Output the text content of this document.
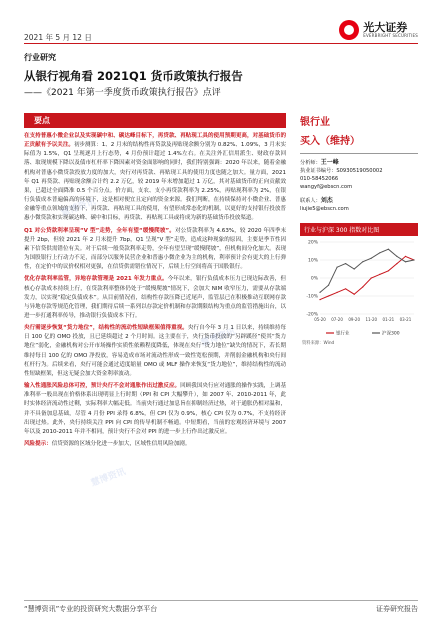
2021 年 5 月 12 日
光大证券
EVERBRIGHT SECURITIES
行业研究
从银行视角看 2021Q1 货币政策执行报告
——《2021 年第一季度货币政策执行报告》点评
要点

在支持普惠小微企业以及实现碳中和、碳达峰目标下，再贷款、再贴现工具的使用预期更高，对基础货币的正贡献有予以关注。初步测算：1、2 月末的结构性再贷款及再贴现余额分别为 0.82%、1.09%，3 月末实际值为 1.5%，Q1 呈现逐月上行态势，4 月份预计超过 1.4%左右。在关注外汇信用派生、财政存款回落、取现规模下降以及债市杠杆率下降因素对资金面影响的同时，我们特别强调：2020 年以来，随着金融机构对普惠小微贷款投放力度的加大，央行对再贷款、再贴现工具的使用力度也随之加大。量方面，2021 年 Q1 再贷款、再贴现余额合计约 2.2 万亿，较 2019 年末增加超过 1 万亿，其对基础货币的正向贡献效果，已超过全面降准 0.5 个百分点。价方面，支农、支小再贷款利率为 2.25%，再贴现利率为 2%，在银行负债成本普遍偏高的环境下，这是相对便宜且定向的资金来源。我们判断，在持续保持对小微企业、普惠金融等重点领域的支持下，再贷款、再贴现工具的使用，有望形成常态化的机制，以更好的支持银行投放普惠小微贷款和实现碳达峰、碳中和目标，再贷款、再贴现工具或将成为新的基础货币投放渠道。

Q1 对公贷款利率呈现“V 型”走势，全年有望“缓慢爬坡”。对公贷款利率为 4.63%，较 2020 年四季末提升 2bp，但较 2021 年 2 月末提升 7bp，Q1 呈现“V 型”走势，造成这种现象的原因，主要是季节性因素下信贷供需错位有关。对于后续一般贷款利率走势，全年有望呈现“缓慢爬坡”，但机构间分化加大。表现为国股银行上行动力不足，而部分以服务民营企业和普惠小微企业为主的机构，利率预计会有更大的上行弹性，在定价中的议价权相对更强，在信贷供需错位情况下，后续上行空间将高于国股银行。

优化存款利率监管，异地存款管理是 2021 年发力重点。今年以来，银行负债成本压力已现边际改善，但核心存款成本持续上行，在贷款利率整体仍处于“缓慢爬坡”情况下，会加大 NIM 收窄压力，需要从存款端发力，以实现“稳定负债成本”。从目前情况看，结构性存款压降已近尾声，监管层已在积极推动互联网存款与异地存款等规范化管理，我们期待后续一系列以存款定价机制和存款期限结构为重点的监管措施出台，以进一步打通利率传导，推动银行负债成本下行。

央行需逐步恢复“货力地位”，结构性的流动性短缺框架值得重视。央行自今年 3 月 1 日以来，持续维持每日 100 亿的 OMO 投放，且已延续超过 2 个月时间。这主要在于，央行货币投放的“另辟蹊径”使其“货力地位”弱化，金融机构对公开市场操作实质性依赖程度降低，体现在央行“货力地位”缺失的情况下，若长期维持每日 100 亿的 OMO 净投放，容易造成市场对流动性形成一致性宽松预期，并削弱金融机构和央行间杠杆行为。后续来看，央行可能会通过适度缩量 OMO 或 MLF 操作来恢复“货力地位”，维持结构性的流动性短缺框架，但这无疑会加大资金利率波动。

输入性通胀风险总体可控，预计央行不会对通胀作出过激反应。回顾我国央行应对通胀的操作实践，上调基准利率一般出现在价格体系出现明显上行时期（PPI 和 CPI 大幅攀升），如 2007 年、2010-2011 年，此时实体经济流动性过剩，实际利率大幅走低。当前央行通过加息旨在抑制经济过热，对于通胀仍相对温和，并不具备加息基础，尽管 4 月份 PPI 录得 6.8%，但 CPI 仅为 0.9%，核心 CPI 仅为 0.7%，不支持经济出现过热。此外，央行持续关注 PPI 向 CPI 的传导机制不畅通。中短期看，当前的宏观经济环境与 2007 年以及 2010-2011 年并不相同，预计央行不会对 PPI 的进一步上行作出过激反应。

风险提示：信贷资源的区域分化进一步加大，区域性信用风险加剧。

银行业
买入（维持）
分析师：王一峰
执业证书编号：S0930519050002
010-58452066
wangyf@ebscn.com
联系人：刘杰
liujie5@ebscn.com
行业与沪深 300 指数对比图
20%
10%
0%
-10%
-20%
05-20 07-20 09-20 11-20 01-21 03-21
银行业	沪深300
资料来源：Wind
慧博资讯
慧博资讯
慧博资讯
“慧博资讯”专业的投资研究大数据分享平台	证券研究报告
